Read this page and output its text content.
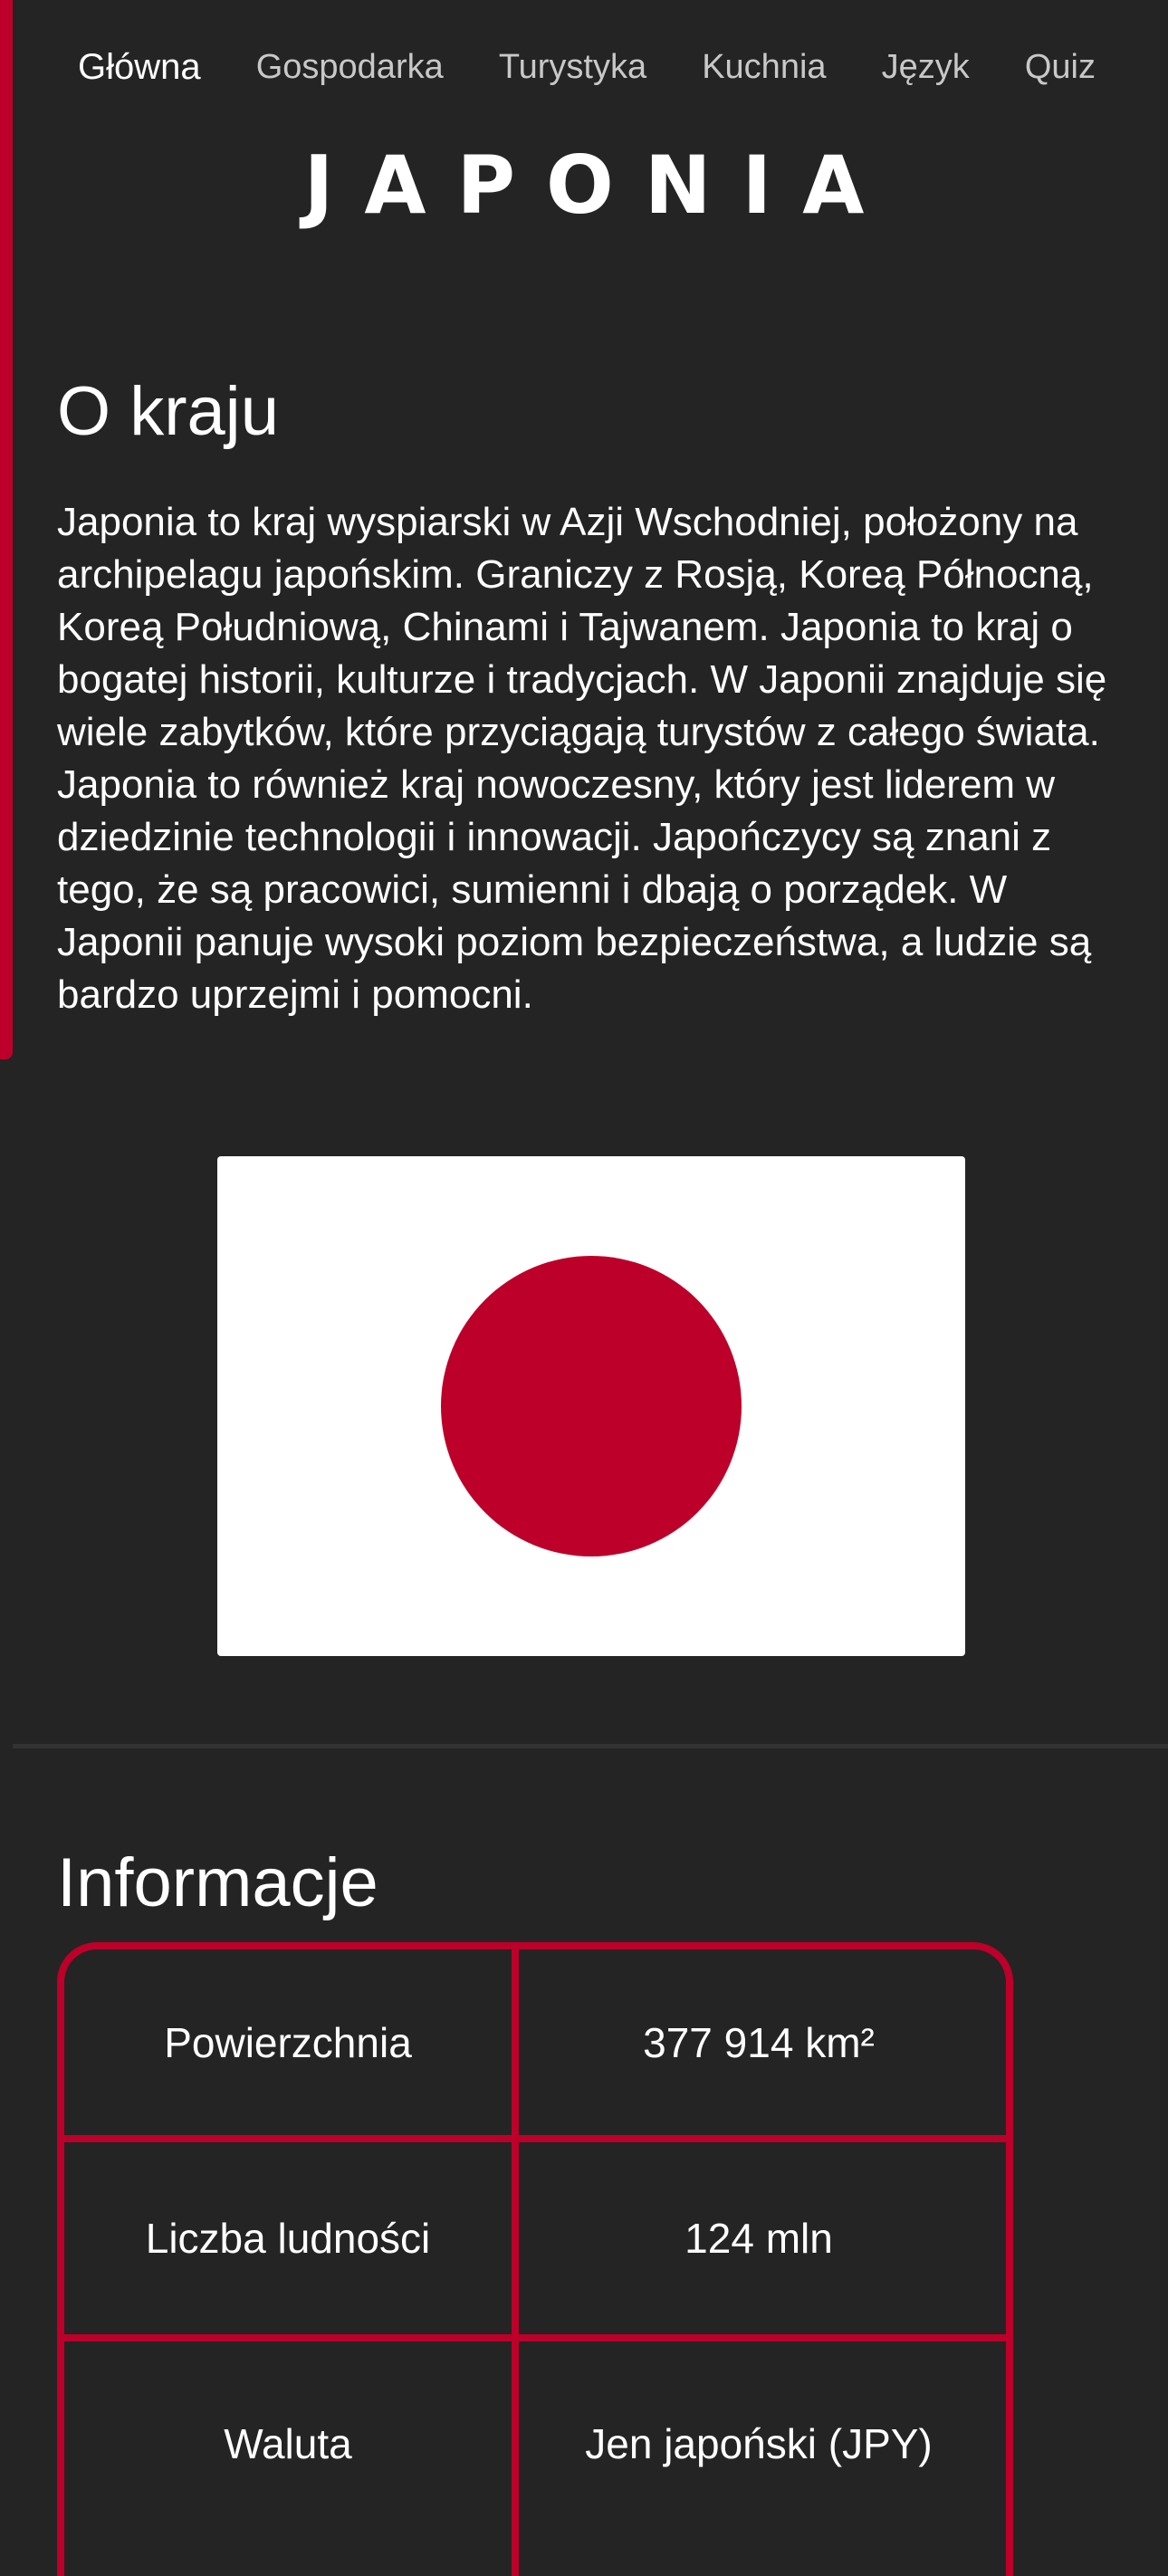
Główna Gospodarka Turystyka Kuchnia Język Quiz
JAPONIA
O kraju

Japonia to kraj wyspiarski w Azji Wschodniej, położony na archipelagu japońskim. Graniczy z Rosją, Koreą Północną, Koreą Południową, Chinami i Tajwanem. Japonia to kraj o bogatej historii, kulturze i tradycjach. W Japonii znajduje się wiele zabytków, które przyciągają turystów z całego świata. Japonia to również kraj nowoczesny, który jest liderem w dziedzinie technologii i innowacji. Japończycy są znani z tego, że są pracowici, sumienni i dbają o porządek. W Japonii panuje wysoki poziom bezpieczeństwa, a ludzie są bardzo uprzejmi i pomocni.

Informacje
Powierzchnia	377 914 km²
Liczba ludności	124 mln
Waluta	Jen japoński (JPY)
